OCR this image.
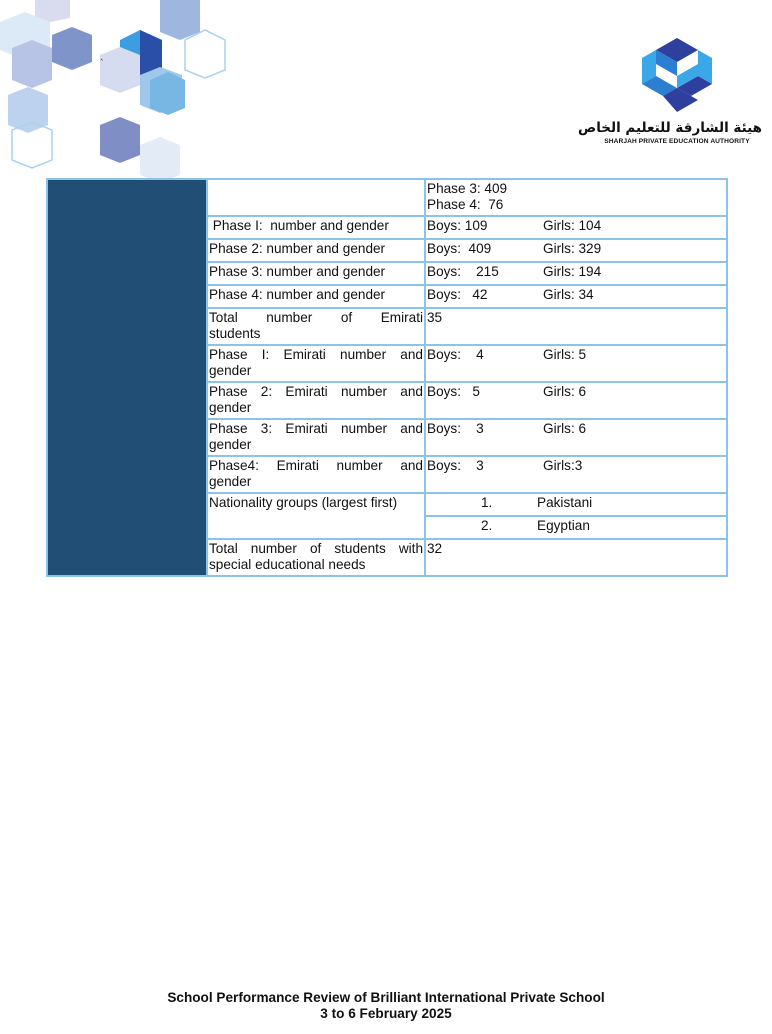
`
هيئة الشارقة للتعليم الخاص
SHARJAH PRIVATE EDUCATION AUTHORITY

		Phase 3: 409
Phase 4:  76

	Phase I:  number and gender	Boys: 109 Girls: 104
	Phase 2: number and gender	Boys:  409 Girls: 329
	Phase 3: number and gender	Boys:    215 Girls: 194
	Phase 4: number and gender	Boys:   42 Girls: 34

	Total number of Emirati
students	35

	Phase I: Emirati number and
gender	Boys:    4 Girls: 5

	Phase 2: Emirati number and
gender	Boys:   5 Girls: 6

	Phase 3: Emirati number and
gender	Boys:    3 Girls: 6

	Phase4: Emirati number and
gender	Boys:    3 Girls:3
	Nationality groups (largest first)	1. Pakistani
		2. Egyptian

	Total number of students with
special educational needs	32
School Performance Review of Brilliant International Private School
3 to 6 February 2025
